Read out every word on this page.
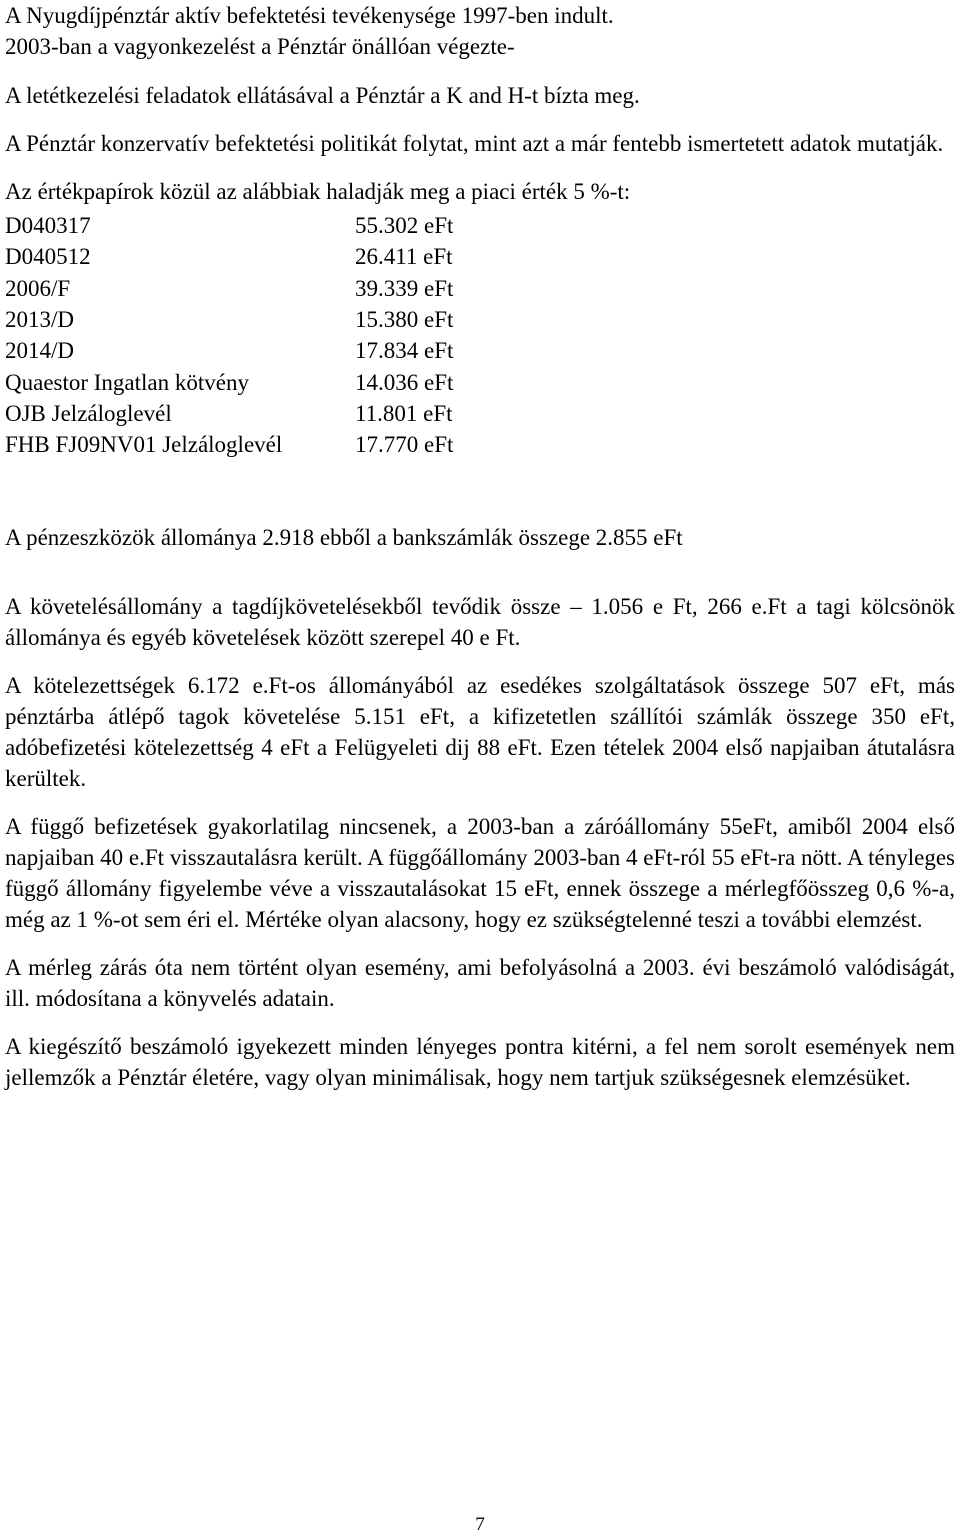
A Nyugdíjpénztár aktív befektetési tevékenysége 1997-ben indult.

2003-ban a vagyonkezelést a Pénztár önállóan végezte-

A letétkezelési feladatok ellátásával a Pénztár a K and H-t bízta meg.

A Pénztár konzervatív befektetési politikát folytat, mint azt a már fentebb ismertetett adatok mutatják.

Az értékpapírok közül az alábbiak haladják meg a piaci érték 5 %-t:

D040317	55.302 eFt
D040512	26.411 eFt
2006/F	39.339 eFt
2013/D	15.380 eFt
2014/D	17.834 eFt
Quaestor Ingatlan kötvény	14.036 eFt
OJB Jelzáloglevél	11.801 eFt
FHB FJ09NV01 Jelzáloglevél	17.770 eFt

A pénzeszközök állománya 2.918 ebből a bankszámlák összege 2.855 eFt

A követelésállomány a tagdíjkövetelésekből tevődik össze – 1.056 e Ft, 266 e.Ft a tagi kölcsönök állománya és egyéb követelések között szerepel 40 e Ft.

A kötelezettségek 6.172 e.Ft-os állományából az esedékes szolgáltatások összege 507 eFt, más pénztárba átlépő tagok követelése 5.151 eFt, a kifizetetlen szállítói számlák összege 350 eFt, adóbefizetési kötelezettség 4 eFt a Felügyeleti dij 88 eFt. Ezen tételek 2004 első napjaiban átutalásra kerültek.

A függő befizetések gyakorlatilag nincsenek, a 2003-ban a záróállomány 55eFt, amiből 2004 első napjaiban 40 e.Ft visszautalásra került. A függőállomány 2003-ban 4 eFt-ról 55 eFt-ra nött. A tényleges függő állomány figyelembe véve a visszautalásokat 15 eFt, ennek összege a mérlegfőösszeg 0,6 %-a, még az 1 %-ot sem éri el. Mértéke olyan alacsony, hogy ez szükségtelenné teszi a további elemzést.

A mérleg zárás óta nem történt olyan esemény, ami befolyásolná a 2003. évi beszámoló valódiságát, ill. módosítana a könyvelés adatain.

A kiegészítő beszámoló igyekezett minden lényeges pontra kitérni, a fel nem sorolt események nem jellemzők a Pénztár életére, vagy olyan minimálisak, hogy nem tartjuk szükségesnek elemzésüket.

7
